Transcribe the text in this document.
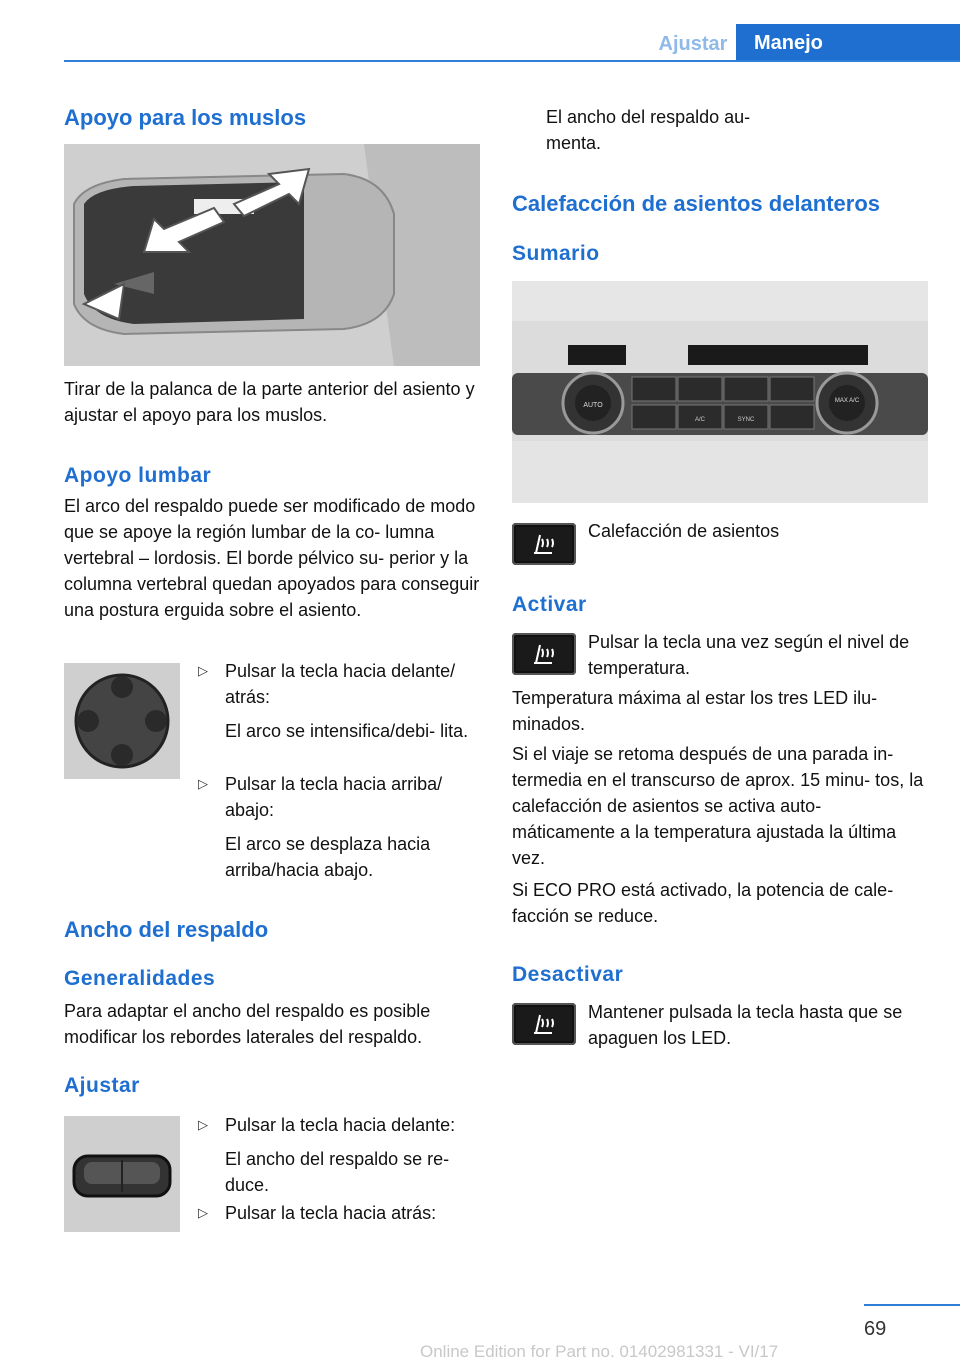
Ajustar	Manejo
Apoyo para los muslos

Tirar de la palanca de la parte anterior del asiento y ajustar el apoyo para los muslos.

Apoyo lumbar

El arco del respaldo puede ser modificado de modo que se apoye la región lumbar de la co‐ lumna vertebral – lordosis. El borde pélvico su‐ perior y la columna vertebral quedan apoyados para conseguir una postura erguida sobre el asiento.

▷ Pulsar la tecla hacia delante/ atrás:
El arco se intensifica/debi‐ lita.
▷ Pulsar la tecla hacia arriba/ abajo:
El arco se desplaza hacia arriba/hacia abajo.
Ancho del respaldo
Generalidades

Para adaptar el ancho del respaldo es posible modificar los rebordes laterales del respaldo.

Ajustar
▷ Pulsar la tecla hacia delante:
El ancho del respaldo se re‐ duce.
▷ Pulsar la tecla hacia atrás:

El ancho del respaldo au‐ menta.

Calefacción de asientos delanteros
Sumario
AUTO
MAX A/C
A/C	SYNC

Calefacción de asientos

Activar

Pulsar la tecla una vez según el nivel de temperatura.

Temperatura máxima al estar los tres LED ilu‐ minados.

Si el viaje se retoma después de una parada in‐ termedia en el transcurso de aprox. 15 minu‐ tos, la calefacción de asientos se activa auto‐ máticamente a la temperatura ajustada la última vez.

Si ECO PRO está activado, la potencia de cale‐ facción se reduce.

Desactivar

Mantener pulsada la tecla hasta que se apaguen los LED.

69
Online Edition for Part no. 01402981331 - VI/17
